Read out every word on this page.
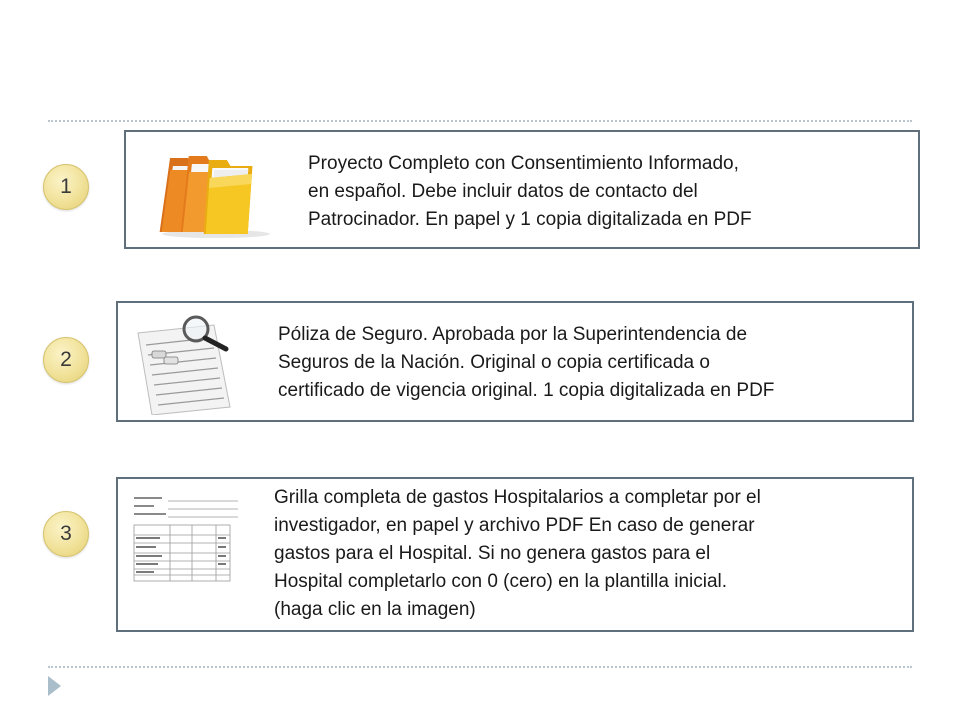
1
Proyecto Completo con Consentimiento Informado,
en español. Debe incluir datos de contacto del
Patrocinador. En papel y 1 copia digitalizada en PDF
2
Póliza de Seguro. Aprobada por la Superintendencia de
Seguros de la Nación. Original o copia certificada o
certificado de vigencia original. 1 copia digitalizada en PDF
3
Grilla completa de gastos Hospitalarios a completar por el
investigador, en papel y archivo PDF En caso de generar
gastos para el Hospital. Si no genera gastos para el
Hospital completarlo con 0 (cero) en la plantilla inicial.
(haga clic en la imagen)
